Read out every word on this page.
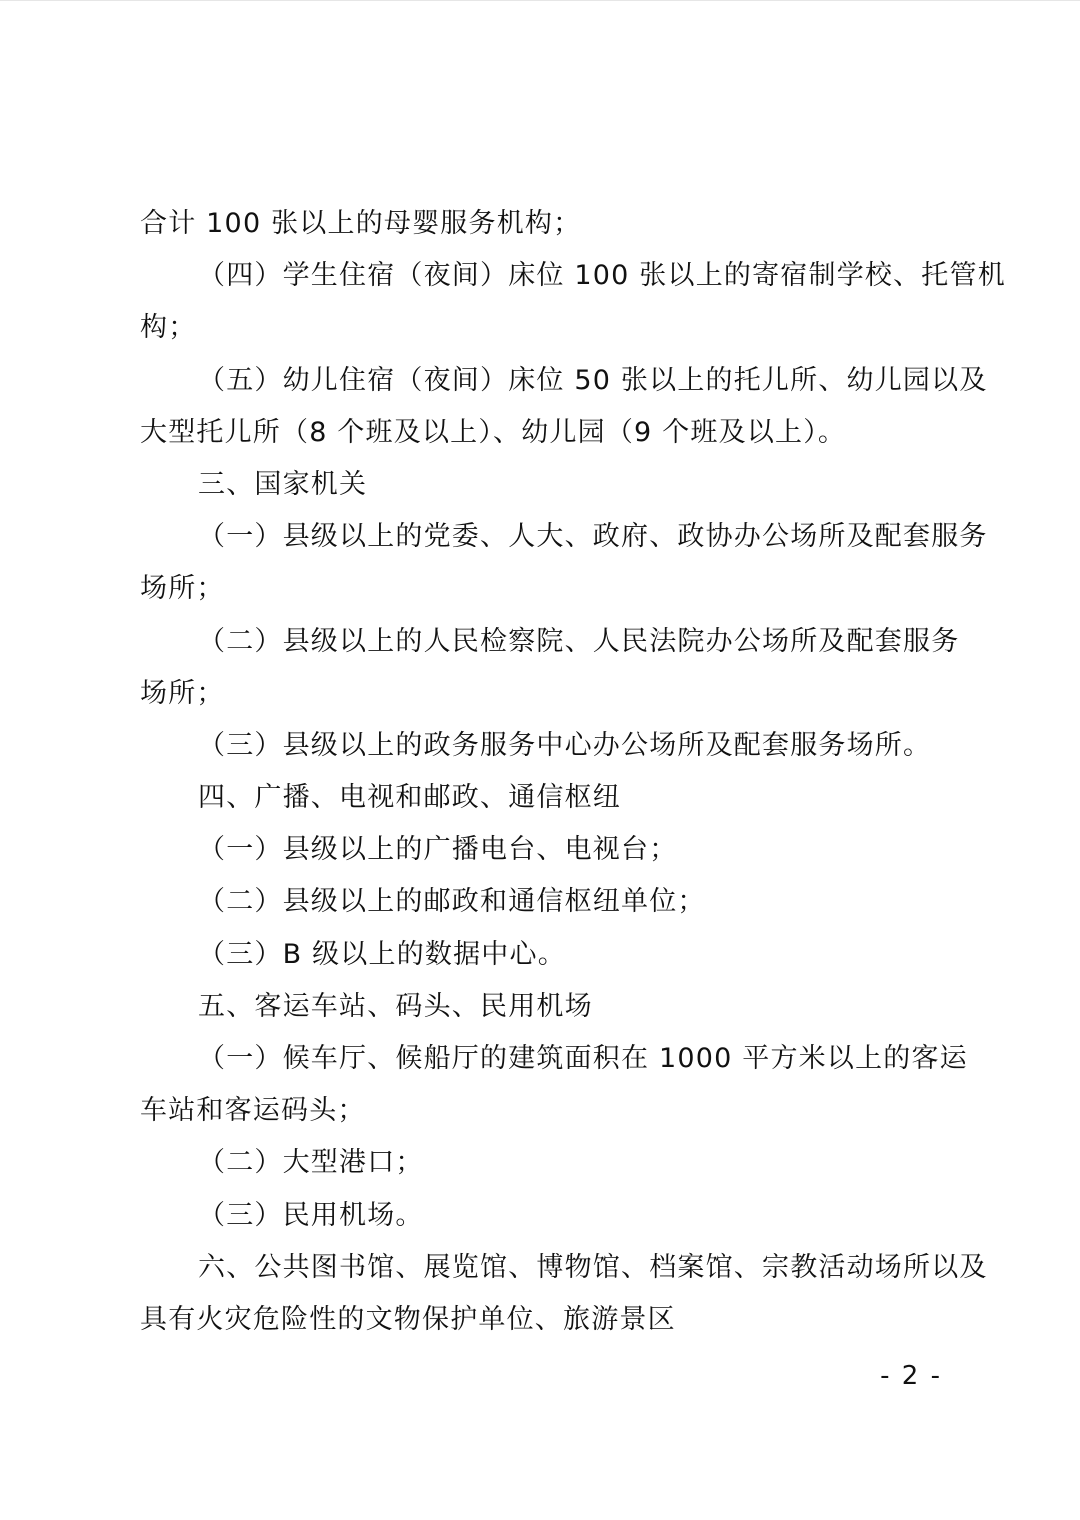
合计 100 张以上的母婴服务机构；
（四）学生住宿（夜间）床位 100 张以上的寄宿制学校、托管机
构；
（五）幼儿住宿（夜间）床位 50 张以上的托儿所、幼儿园以及
大型托儿所（8 个班及以上）、幼儿园（9 个班及以上）。
三、国家机关
（一）县级以上的党委、人大、政府、政协办公场所及配套服务
场所；
（二）县级以上的人民检察院、人民法院办公场所及配套服务
场所；
（三）县级以上的政务服务中心办公场所及配套服务场所。
四、广播、电视和邮政、通信枢纽
（一）县级以上的广播电台、电视台；
（二）县级以上的邮政和通信枢纽单位；
（三）B 级以上的数据中心。
五、客运车站、码头、民用机场
（一）候车厅、候船厅的建筑面积在 1000 平方米以上的客运
车站和客运码头；
（二）大型港口；
（三）民用机场。
六、公共图书馆、展览馆、博物馆、档案馆、宗教活动场所以及
具有火灾危险性的文物保护单位、旅游景区
- 2 -
